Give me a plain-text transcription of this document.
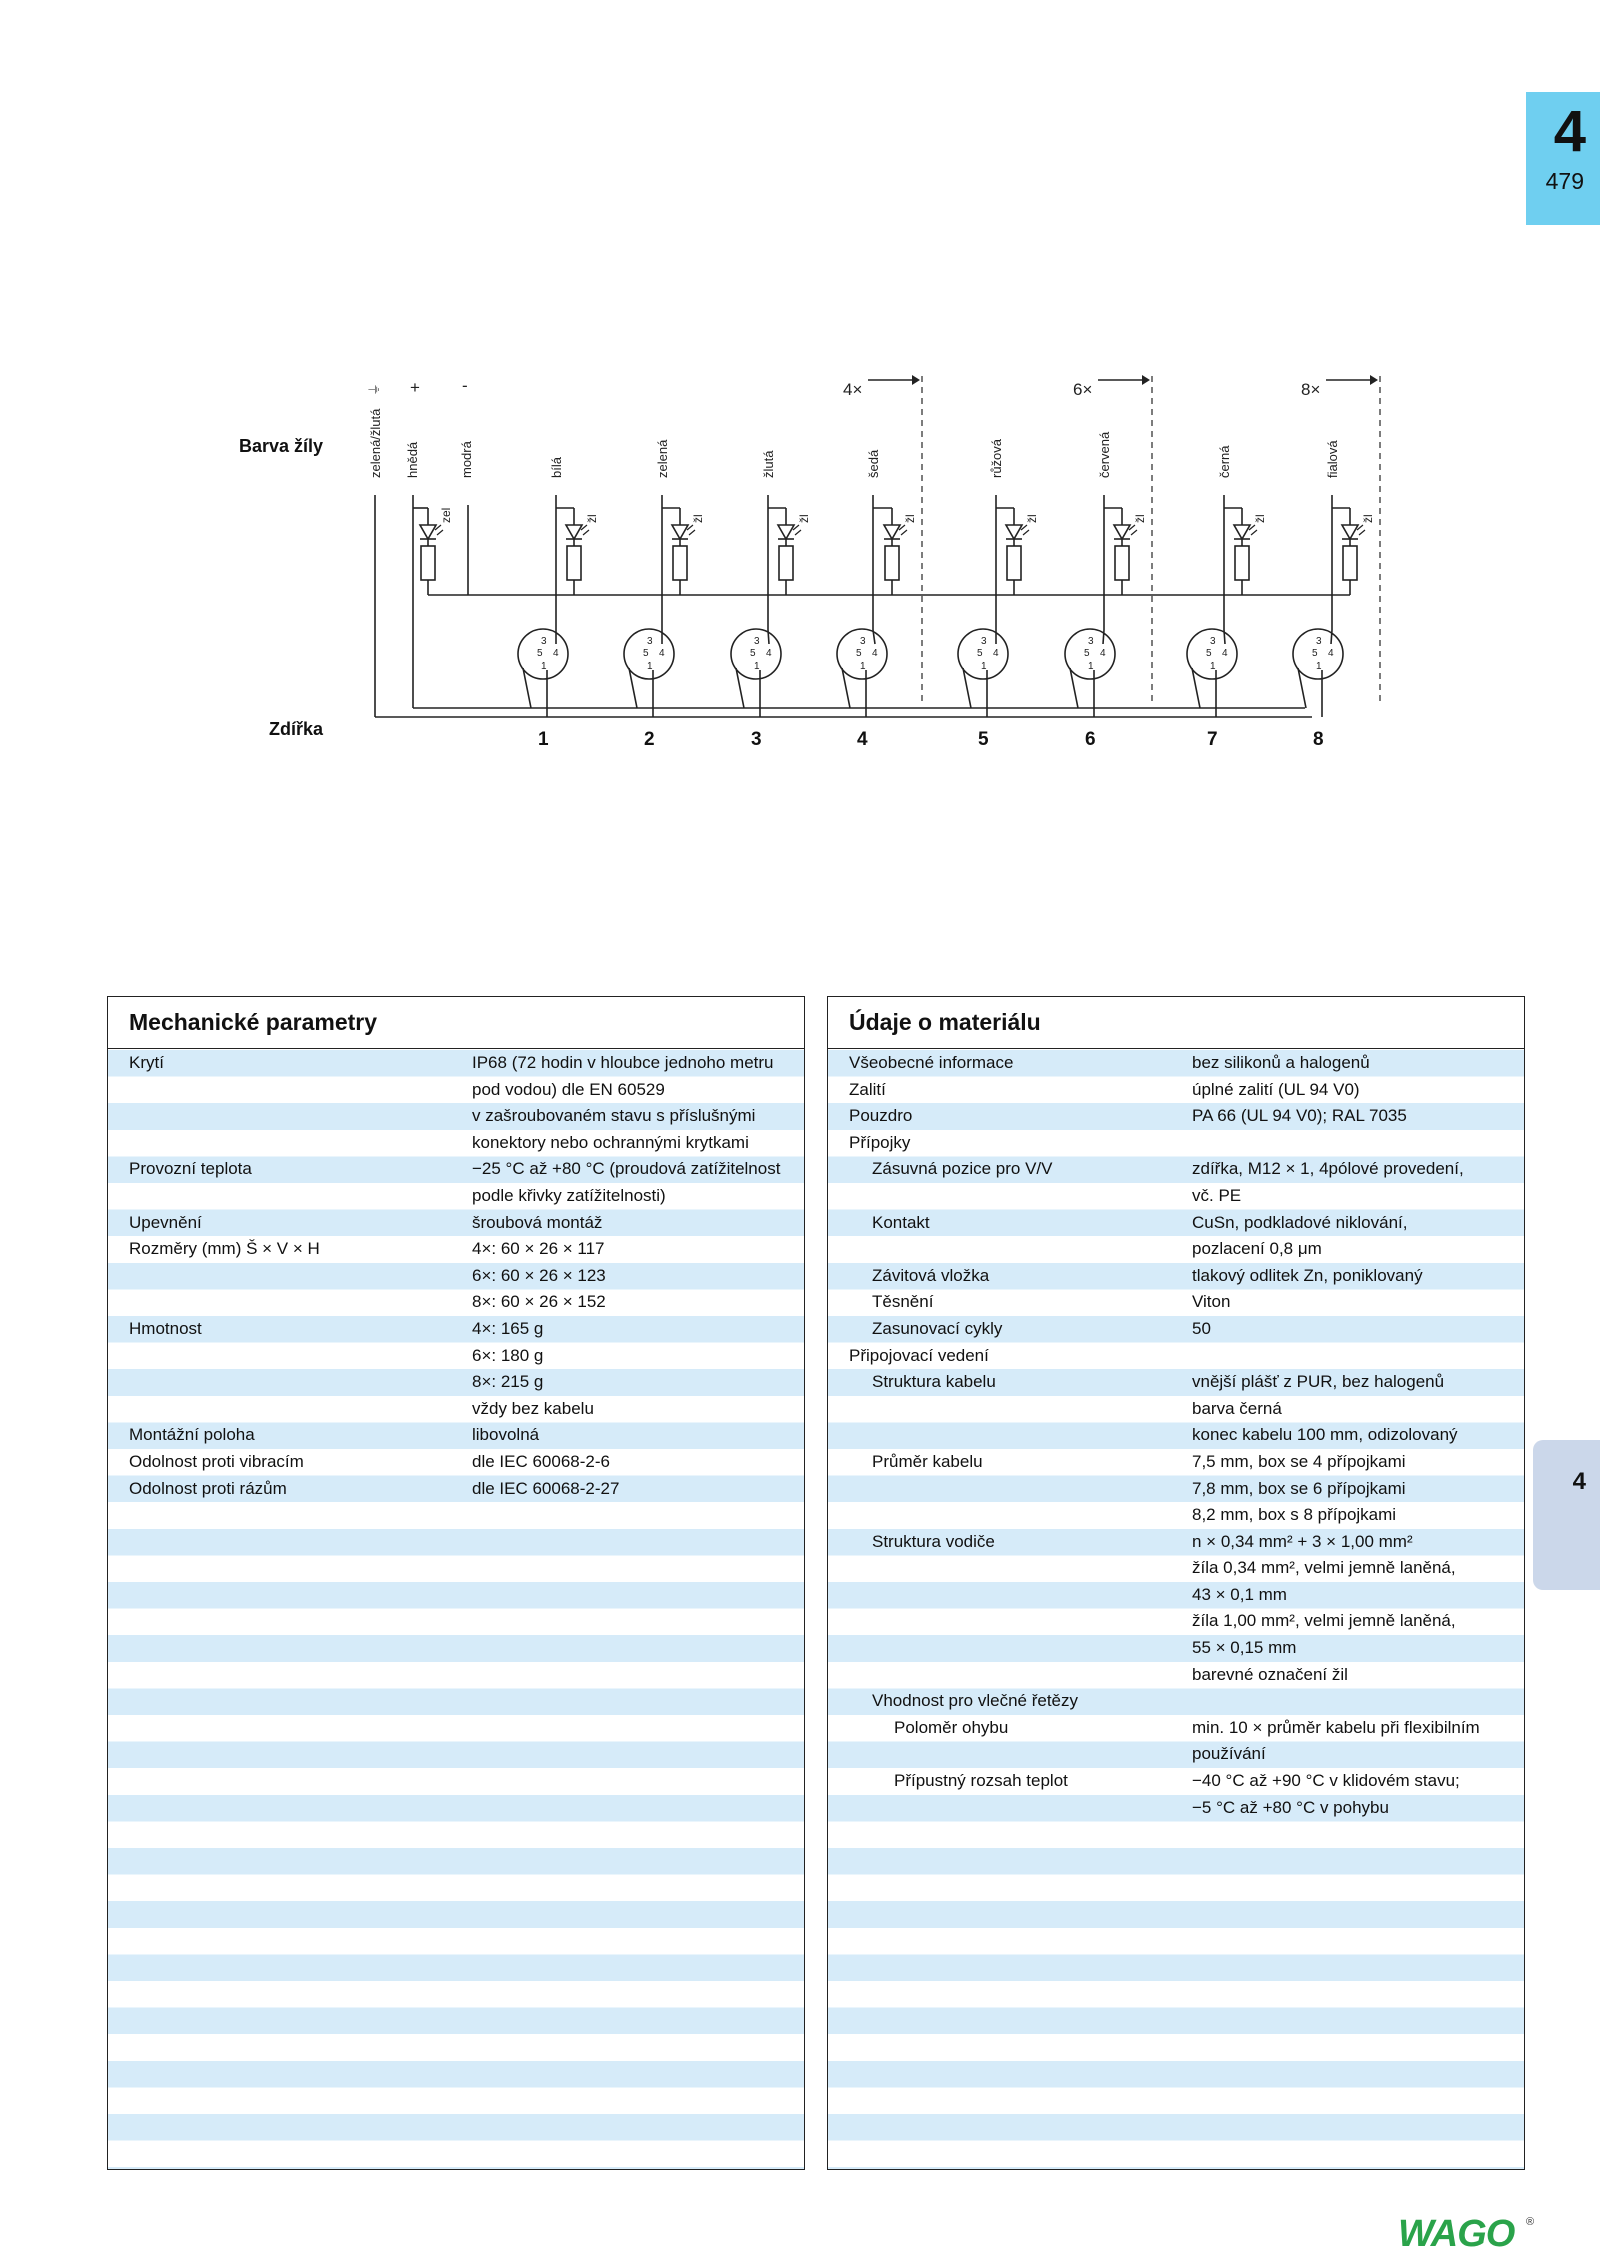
4
479
4
Barva žíly
Zdířka
zelená/žlutá hnědá	modrá	bílá	zelená	žlutá	šedá	růžová	červená	černá	fialová
⏚ + -	4×	6×	8×
zel	žl	žl	žl	žl	žl	žl	žl	žl
3
5 4
1
1
3
5 4
1
2
3
5 4
1
3
3
5 4
1
4
3
5 4
1
5
3
5 4
1
6
3
5 4
1
7
3
5 4
1
8
Mechanické parametry
Krytí	IP68 (72 hodin v hloubce jednoho metru
pod vodou) dle EN 60529
v zašroubovaném stavu s příslušnými
konektory nebo ochrannými krytkami
Provozní teplota	−25 °C až +80 °C (proudová zatížitelnost
podle křivky zatížitelnosti)
Upevnění	šroubová montáž
Rozměry (mm) Š × V × H	4×: 60 × 26 × 117
6×: 60 × 26 × 123
8×: 60 × 26 × 152
Hmotnost	4×: 165 g
6×: 180 g
8×: 215 g
vždy bez kabelu
Montážní poloha	libovolná
Odolnost proti vibracím	dle IEC 60068-2-6
Odolnost proti rázům	dle IEC 60068-2-27
Údaje o materiálu
Všeobecné informace	bez silikonů a halogenů
Zalití	úplné zalití (UL 94 V0)
Pouzdro	PA 66 (UL 94 V0); RAL 7035
Přípojky
Zásuvná pozice pro V/V	zdířka, M12 × 1, 4pólové provedení,
vč. PE
Kontakt	CuSn, podkladové niklování,
pozlacení 0,8 μm
Závitová vložka	tlakový odlitek Zn, poniklovaný
Těsnění	Viton
Zasunovací cykly	50
Připojovací vedení
Struktura kabelu	vnější plášť z PUR, bez halogenů
barva černá
konec kabelu 100 mm, odizolovaný
Průměr kabelu	7,5 mm, box se 4 přípojkami
7,8 mm, box se 6 přípojkami
8,2 mm, box s 8 přípojkami
Struktura vodiče	n × 0,34 mm² + 3 × 1,00 mm²
žíla 0,34 mm², velmi jemně laněná,
43 × 0,1 mm
žíla 1,00 mm², velmi jemně laněná,
55 × 0,15 mm
barevné označení žil
Vhodnost pro vlečné řetězy
Poloměr ohybu	min. 10 × průměr kabelu při flexibilním
používání
Přípustný rozsah teplot	−40 °C až +90 °C v klidovém stavu;
−5 °C až +80 °C v pohybu
WAGO ®
